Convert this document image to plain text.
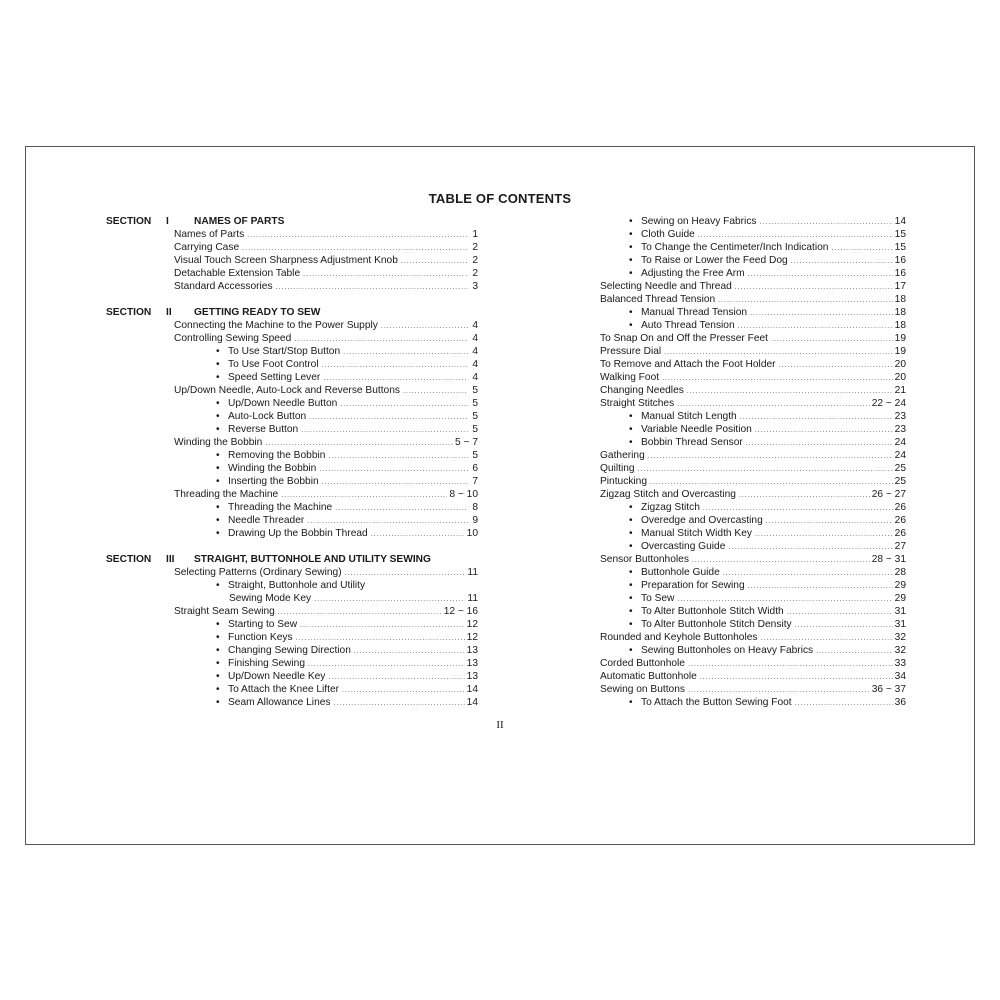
TABLE OF CONTENTS
SECTION	I	NAMES OF PARTS
Names of Parts .....	1
Carrying Case .....	2
Visual Touch Screen Sharpness Adjustment Knob .....	2
Detachable Extension Table .....	2
Standard Accessories .....	3
SECTION	II	GETTING READY TO SEW
Connecting the Machine to the Power Supply .....	4
Controlling Sewing Speed .....	4
• To Use Start/Stop Button .....	4
• To Use Foot Control .....	4
• Speed Setting Lever .....	4
Up/Down Needle, Auto-Lock and Reverse Buttons .....	5
• Up/Down Needle Button .....	5
• Auto-Lock Button .....	5
• Reverse Button .....	5
Winding the Bobbin .....	5 ~ 7
• Removing the Bobbin .....	5
• Winding the Bobbin .....	6
• Inserting the Bobbin .....	7
Threading the Machine .....	8 ~ 10
• Threading the Machine .....	8
• Needle Threader .....	9
• Drawing Up the Bobbin Thread .....	10
SECTION	III	STRAIGHT, BUTTONHOLE AND UTILITY SEWING
Selecting Patterns (Ordinary Sewing) .....	11
• Straight, Buttonhole and Utility
Sewing Mode Key .....	11
Straight Seam Sewing .....	12 ~ 16
• Starting to Sew .....	12
• Function Keys .....	12
• Changing Sewing Direction .....	13
• Finishing Sewing .....	13
• Up/Down Needle Key .....	13
• To Attach the Knee Lifter .....	14
• Seam Allowance Lines .....	14
• Sewing on Heavy Fabrics .....	14
• Cloth Guide .....	15
• To Change the Centimeter/Inch Indication .....	15
• To Raise or Lower the Feed Dog .....	16
• Adjusting the Free Arm .....	16
Selecting Needle and Thread .....	17
Balanced Thread Tension .....	18
• Manual Thread Tension .....	18
• Auto Thread Tension .....	18
To Snap On and Off the Presser Feet .....	19
Pressure Dial .....	19
To Remove and Attach the Foot Holder .....	20
Walking Foot .....	20
Changing Needles .....	21
Straight Stitches .....	22 ~ 24
• Manual Stitch Length .....	23
• Variable Needle Position .....	23
• Bobbin Thread Sensor .....	24
Gathering .....	24
Quilting .....	25
Pintucking .....	25
Zigzag Stitch and Overcasting .....	26 ~ 27
• Zigzag Stitch .....	26
• Overedge and Overcasting .....	26
• Manual Stitch Width Key .....	26
• Overcasting Guide .....	27
Sensor Buttonholes .....	28 ~ 31
• Buttonhole Guide .....	28
• Preparation for Sewing .....	29
• To Sew .....	29
• To Alter Buttonhole Stitch Width .....	31
• To Alter Buttonhole Stitch Density .....	31
Rounded and Keyhole Buttonholes .....	32
• Sewing Buttonholes on Heavy Fabrics .....	32
Corded Buttonhole .....	33
Automatic Buttonhole .....	34
Sewing on Buttons .....	36 ~ 37
• To Attach the Button Sewing Foot .....	36
II
